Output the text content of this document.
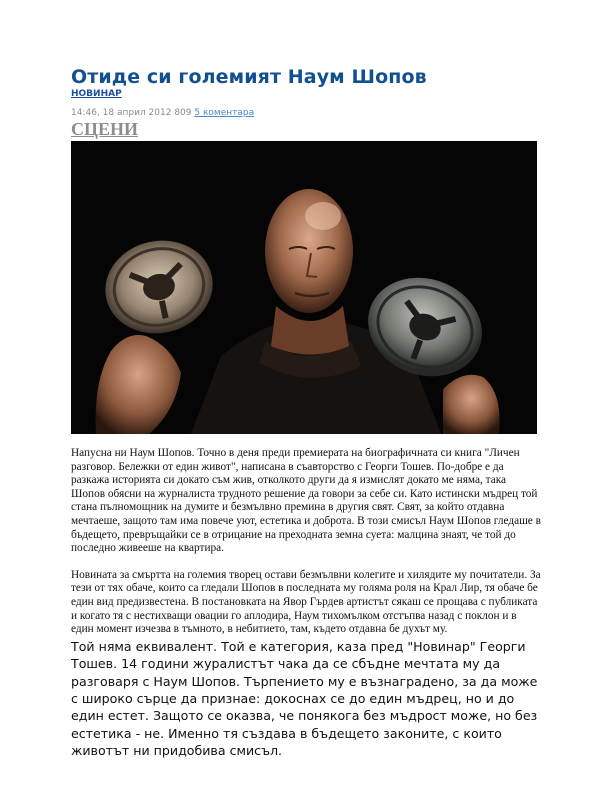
Отиде си големият Наум Шопов
НОВИНАР
14:46, 18 април 2012 809 5 коментара
СЦЕНИ

Напусна ни Наум Шопов. Точно в деня преди премиерата на биографичната си книга "Личен разговор. Бележки от един живот", написана в съавторство с Георги Тошев. По-добре е да разкажа историята си докато съм жив, отколкото други да я измислят докато ме няма, така Шопов обясни на журналиста трудното решение да говори за себе си. Като истински мъдрец той стана пълномощник на думите и безмълвно премина в другия свят. Свят, за който отдавна мечтаеше, защото там има повече уют, естетика и доброта. В този смисъл Наум Шопов гледаше в бъдещето, превръщайки се в отрицание на преходната земна суета: малцина знаят, че той до последно живееше на квартира.

Новината за смъртта на големия творец остави безмълвни колегите и хилядите му почитатели. За тези от тях обаче, които са гледали Шопов в последната му голяма роля на Крал Лир, тя обаче бе един вид предизвестена. В постановката на Явор Гърдев артистът сякаш се прощава с публиката и когато тя с нестихващи овации го аплодира, Наум тихомълком отстъпва назад с поклон и в един момент изчезва в тъмнотo, в небитието, там, където отдавна бе духът му.

Той няма еквивалент. Той е категория, каза пред "Новинар" Георги Тошев. 14 години журалистът чака да се сбъдне мечтата му да разговаря с Наум Шопов. Търпението му е възнаградено, за да може с широко сърце да признае: докоснах се до един мъдрец, но и до един естет. Защото се оказва, че понякога без мъдрост може, но без естетика - не. Именно тя създава в бъдещето законите, с които животът ни придобива смисъл.
